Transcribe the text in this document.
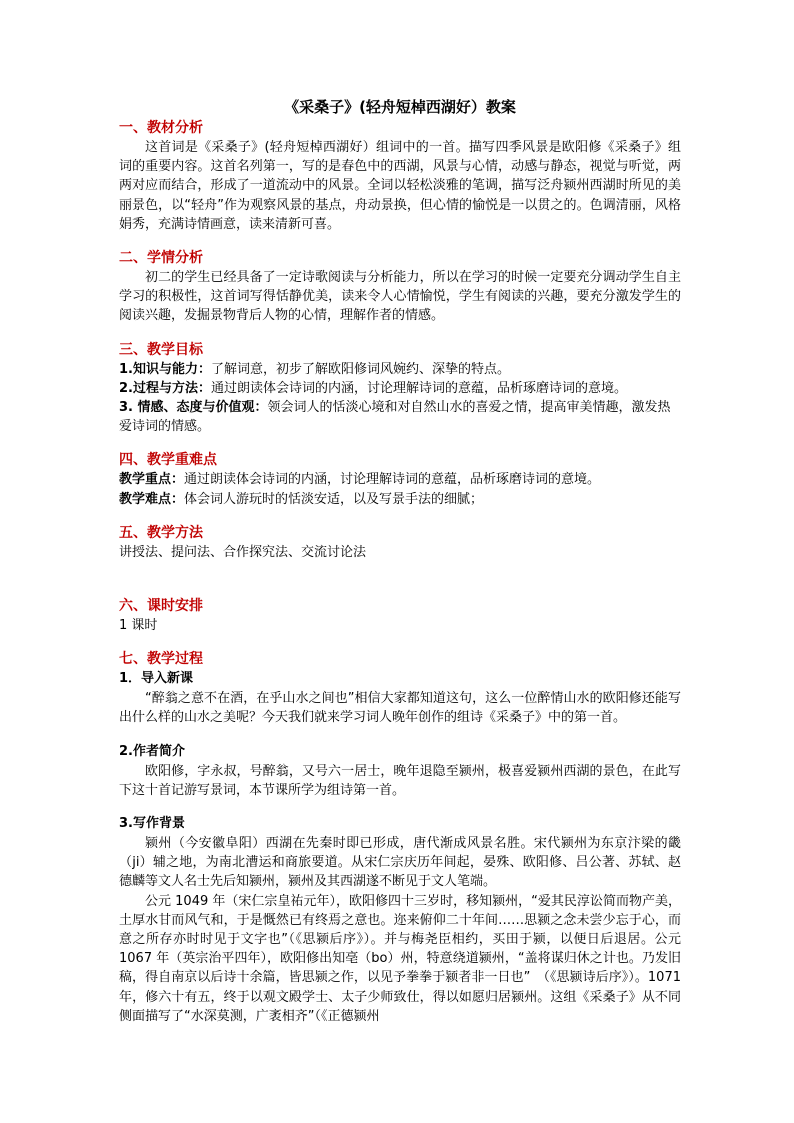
《采桑子》(轻舟短棹西湖好）教案
一、教材分析

这首词是《采桑子》(轻舟短棹西湖好）组词中的一首。描写四季风景是欧阳修《采桑子》组词的重要内容。这首名列第一，写的是春色中的西湖，风景与心情，动感与静态，视觉与听觉，两两对应而结合，形成了一道流动中的风景。全词以轻松淡雅的笔调，描写泛舟颍州西湖时所见的美丽景色，以“轻舟”作为观察风景的基点，舟动景换，但心情的愉悦是一以贯之的。色调清丽，风格娟秀，充满诗情画意，读来清新可喜。

二、学情分析

初二的学生已经具备了一定诗歌阅读与分析能力，所以在学习的时候一定要充分调动学生自主学习的积极性，这首词写得恬静优美，读来令人心情愉悦，学生有阅读的兴趣，要充分激发学生的阅读兴趣，发掘景物背后人物的心情，理解作者的情感。

三、教学目标

1.知识与能力：了解词意，初步了解欧阳修词风婉约、深挚的特点。

2.过程与方法：通过朗读体会诗词的内涵，讨论理解诗词的意蕴，品析琢磨诗词的意境。

3. 情感、态度与价值观：领会词人的恬淡心境和对自然山水的喜爱之情，提高审美情趣，激发热爱诗词的情感。

四、教学重难点

教学重点：通过朗读体会诗词的内涵，讨论理解诗词的意蕴，品析琢磨诗词的意境。

教学难点：体会词人游玩时的恬淡安适，以及写景手法的细腻；

五、教学方法

讲授法、提问法、合作探究法、交流讨论法

六、课时安排

1 课时

七、教学过程
1．导入新课

“醉翁之意不在酒，在乎山水之间也”相信大家都知道这句，这么一位醉情山水的欧阳修还能写出什么样的山水之美呢？今天我们就来学习词人晚年创作的组诗《采桑子》中的第一首。

2.作者简介

欧阳修，字永叔，号醉翁，又号六一居士，晚年退隐至颍州，极喜爱颍州西湖的景色，在此写下这十首记游写景词，本节课所学为组诗第一首。

3.写作背景

颍州（今安徽阜阳）西湖在先秦时即已形成，唐代渐成风景名胜。宋代颍州为东京汴梁的畿（ji）辅之地，为南北漕运和商旅要道。从宋仁宗庆历年间起，晏殊、欧阳修、吕公著、苏轼、赵德麟等文人名士先后知颍州，颍州及其西湖遂不断见于文人笔端。

公元 1049 年（宋仁宗皇祐元年），欧阳修四十三岁时，移知颍州，“爱其民淳讼简而物产美，土厚水甘而风气和，于是慨然已有终焉之意也。迩来俯仰二十年间……思颍之念未尝少忘于心，而意之所存亦时时见于文字也”（《思颍后序》）。并与梅尧臣相约，买田于颍，以便日后退居。公元 1067 年（英宗治平四年），欧阳修出知亳（bo）州，特意绕道颍州，“盖将谋归休之计也。乃发旧稿，得自南京以后诗十余篇，皆思颍之作，以见予拳拳于颍者非一日也”　（《思颍诗后序》）。1071 年，修六十有五，终于以观文殿学士、太子少师致仕，得以如愿归居颍州。这组《采桑子》从不同侧面描写了“水深莫测，广袤相齐”（《正德颍州
